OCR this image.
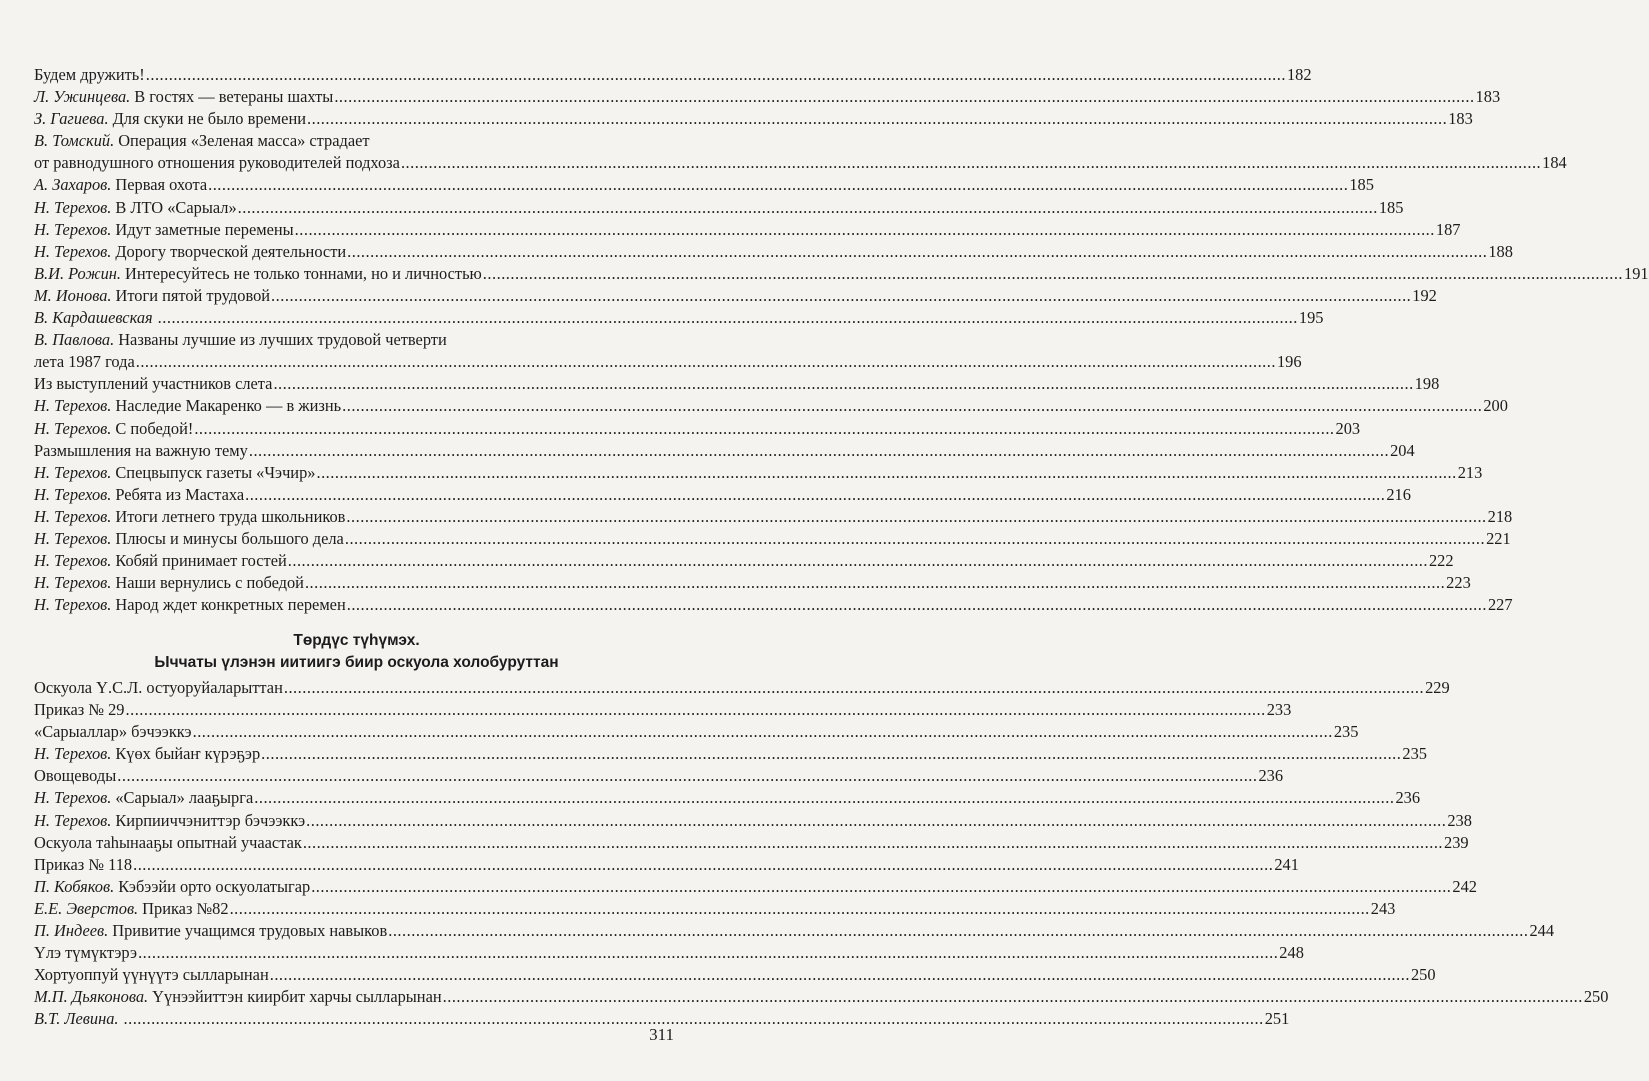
Будем дружить! .....	182
Л. Ужинцева. В гостях — ветераны шахты .....	183
З. Гагиева. Для скуки не было времени .....	183
В. Томский. Операция «Зеленая масса» страдает
от равнодушного отношения руководителей подхоза .....	184
А. Захаров. Первая охота .....	185
Н. Терехов. В ЛТО «Сарыал» .....	185
Н. Терехов. Идут заметные перемены .....	187
Н. Терехов. Дорогу творческой деятельности .....	188
В.И. Рожин. Интересуйтесь не только тоннами, но и личностью .....	191
М. Ионова. Итоги пятой трудовой .....	192
В. Кардашевская .....	195
В. Павлова. Названы лучшие из лучших трудовой четверти
лета 1987 года .....	196
Из выступлений участников слета .....	198
Н. Терехов. Наследие Макаренко — в жизнь .....	200
Н. Терехов. С победой! .....	203
Размышления на важную тему .....	204
Н. Терехов. Спецвыпуск газеты «Чэчир» .....	213
Н. Терехов. Ребята из Мастаха .....	216
Н. Терехов. Итоги летнего труда школьников .....	218
Н. Терехов. Плюсы и минусы большого дела .....	221
Н. Терехов. Кобяй принимает гостей .....	222
Н. Терехов. Наши вернулись с победой .....	223
Н. Терехов. Народ ждет конкретных перемен .....	227
Төрдүс түһүмэх.
Ыччаты үлэнэн иитиигэ биир оскуола холобуруттан
Оскуола Ү.С.Л. остуоруйаларыттан .....	229
Приказ № 29 .....	233
«Сарыаллар» бэчээккэ .....	235
Н. Терехов. Күөх быйаҥ күрэҕэр .....	235
Овощеводы .....	236
Н. Терехов. «Сарыал» лааҕырга .....	236
Н. Терехов. Кирпииччэниттэр бэчээккэ .....	238
Оскуола таһынааҕы опытнай учаастак .....	239
Приказ № 118 .....	241
П. Кобяков. Кэбээйи орто оскуолатыгар .....	242
Е.Е. Эверстов. Приказ №82 .....	243
П. Индеев. Привитие учащимся трудовых навыков .....	244
Үлэ түмүктэрэ .....	248
Хортуоппуй үүнүүтэ сылларынан .....	250
М.П. Дьяконова. Үүнээйиттэн киирбит харчы сылларынан .....	250
В.Т. Левина. .....	251
311
